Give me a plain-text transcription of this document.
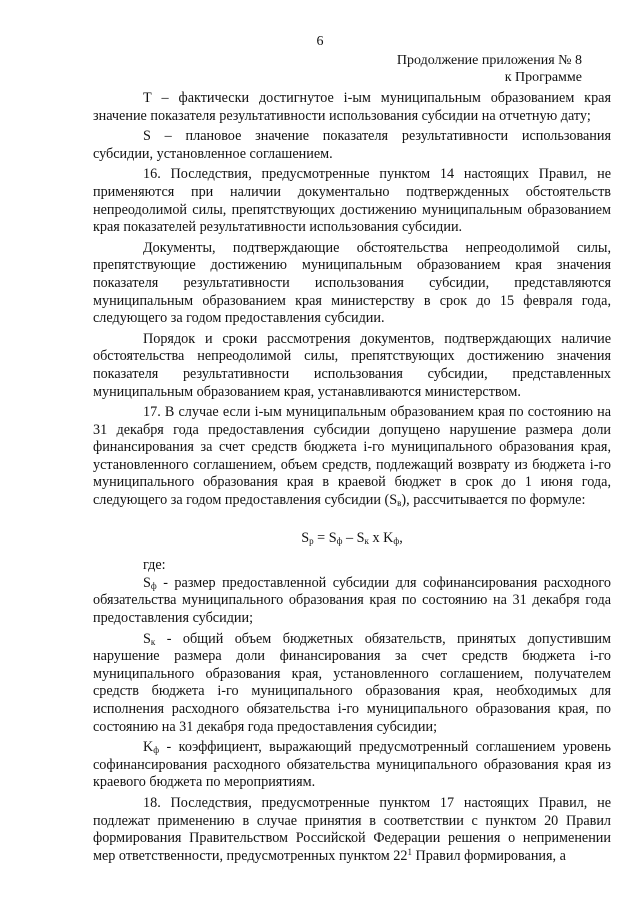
6
Продолжение приложения № 8
к Программе

Т – фактически достигнутое i-ым муниципальным образованием края значение показателя результативности использования субсидии на отчетную дату;

S – плановое значение показателя результативности использования субсидии, установленное соглашением.

16. Последствия, предусмотренные пунктом 14 настоящих Правил, не применяются при наличии документально подтвержденных обстоятельств непреодолимой силы, препятствующих достижению муниципальным образованием края показателей результативности использования субсидии.

Документы, подтверждающие обстоятельства непреодолимой силы, препятствующие достижению муниципальным образованием края значения показателя результативности использования субсидии, представляются муниципальным образованием края министерству в срок до 15 февраля года, следующего за годом предоставления субсидии.

Порядок и сроки рассмотрения документов, подтверждающих наличие обстоятельства непреодолимой силы, препятствующих достижению значения показателя результативности использования субсидии, представленных муниципальным образованием края, устанавливаются министерством.

17. В случае если i-ым муниципальным образованием края по состоянию на 31 декабря года предоставления субсидии допущено нарушение размера доли финансирования за счет средств бюджета i-го муниципального образования края, установленного соглашением, объем средств, подлежащий возврату из бюджета i-го муниципального образования края в краевой бюджет в срок до 1 июня года, следующего за годом предоставления субсидии $(S_в)$, рассчитывается по формуле:

$S_р = S_ф - S_к$ х $K_ф$,

где:

$S_ф$ - размер предоставленной субсидии для софинансирования расходного обязательства муниципального образования края по состоянию на 31 декабря года предоставления субсидии;

$S_к$ - общий объем бюджетных обязательств, принятых допустившим нарушение размера доли финансирования за счет средств бюджета i-го муниципального образования края, установленного соглашением, получателем средств бюджета i-го муниципального образования края, необходимых для исполнения расходного обязательства i-го муниципального образования края, по состоянию на 31 декабря года предоставления субсидии;

$K_ф$ - коэффициент, выражающий предусмотренный соглашением уровень софинансирования расходного обязательства муниципального образования края из краевого бюджета по мероприятиям.

18. Последствия, предусмотренные пунктом 17 настоящих Правил, не подлежат применению в случае принятия в соответствии с пунктом 20 Правил формирования Правительством Российской Федерации решения о неприменении мер ответственности, предусмотренных пунктом $22^1$ Правил формирования, а
